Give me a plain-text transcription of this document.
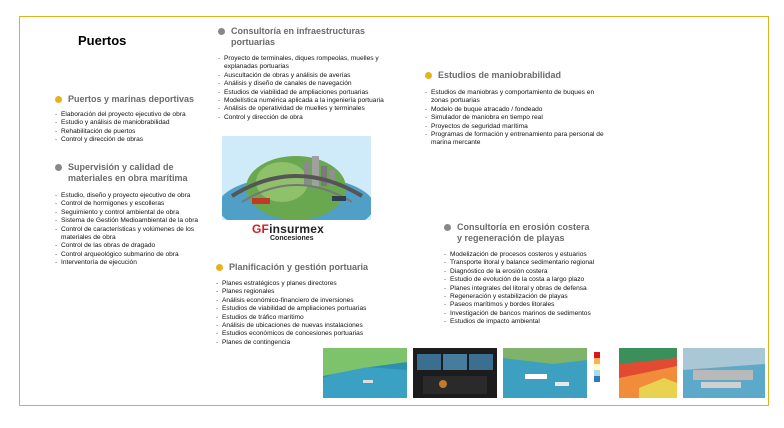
Puertos
Puertos y marinas deportivas
- Elaboración del proyecto ejecutivo de obra
- Estudio y análisis de maniobrabilidad
- Rehabilitación de puertos
- Control y dirección de obras
Supervisión y calidad de
materiales en obra marítima
- Estudio, diseño y proyecto ejecutivo de obra
- Control de hormigones y escolleras
- Seguimiento y control ambiental de obra
- Sistema de Gestión Medioambiental de la obra
- Control de características y volúmenes de los materiales de obra
- Control de las obras de dragado
- Control arqueológico submarino de obra
- Interventoría de ejecución
Consultoría en infraestructuras portuarias
- Proyecto de terminales, diques rompeolas, muelles y explanadas portuarias
- Auscultación de obras y análisis de averías
- Análisis y diseño de canales de navegación
- Estudios de viabilidad de ampliaciones portuarias
- Modelística numérica aplicada a la ingeniería portuaria
- Análisis de operatividad de muelles y terminales
- Control y dirección de obra
GFinsurmex
Concesiones
Planificación y gestión portuaria
- Planes estratégicos y planes directores
- Planes regionales
- Análisis económico-financiero de inversiones
- Estudios de viabilidad de ampliaciones portuarias
- Estudios de tráfico marítimo
- Análisis de ubicaciones de nuevas instalaciones
- Estudios económicos de concesiones portuarias
- Planes de contingencia
Estudios de maniobrabilidad
- Estudios de maniobras y comportamiento de buques en zonas portuarias
- Modelo de buque atracado / fondeado
- Simulador de maniobra en tiempo real
- Proyectos de seguridad marítima
- Programas de formación y entrenamiento para personal de marina mercante
Consultoría en erosión costera
y regeneración de playas
- Modelización de procesos costeros y estuarios
- Transporte litoral y balance sedimentario regional
- Diagnóstico de la erosión costera
- Estudio de evolución de la costa a largo plazo
- Planes integrales del litoral y obras de defensa
- Regeneración y estabilización de playas
- Paseos marítimos y bordes litorales
- Investigación de bancos marinos de sedimentos
- Estudios de impacto ambiental
